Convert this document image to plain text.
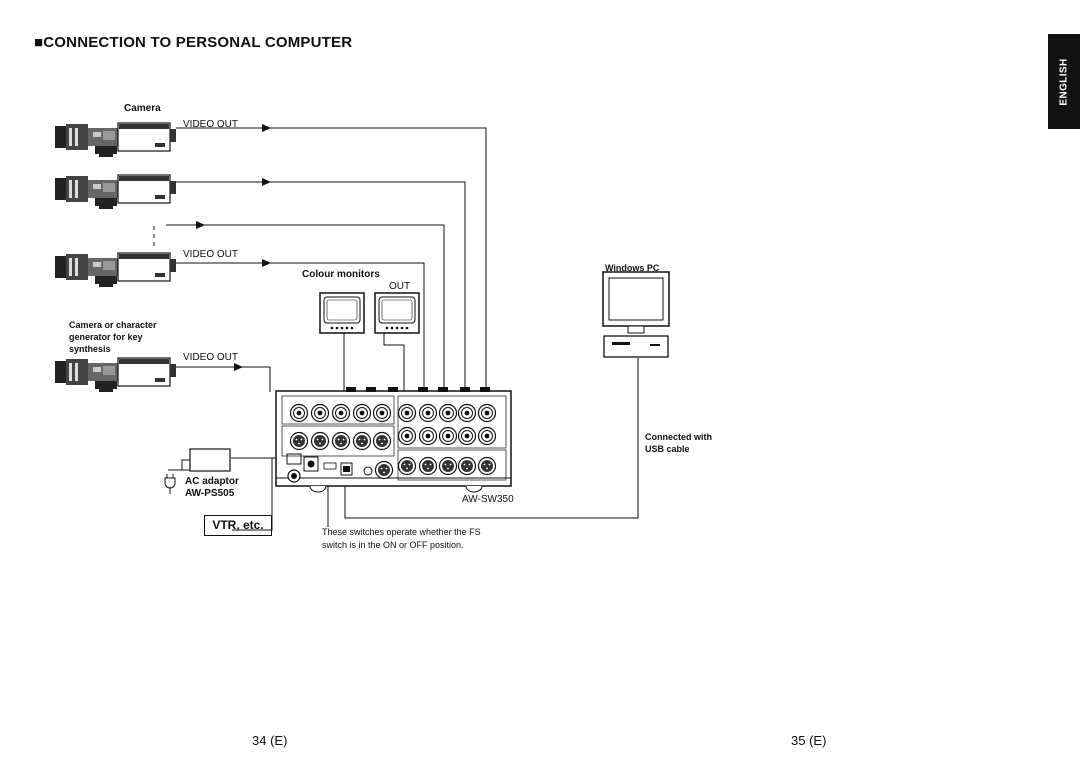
■CONNECTION TO PERSONAL COMPUTER
ENGLISH
Camera
VIDEO OUT
VIDEO OUT
VIDEO OUT
Colour monitors
OUT
Camera or character
generator for key
synthesis
Windows PC
Connected with
USB cable
AC adaptor
AW-PS505
VTR, etc.
AW-SW350
These switches operate whether the FS
switch is in the ON or OFF position.
34 (E)	35 (E)
